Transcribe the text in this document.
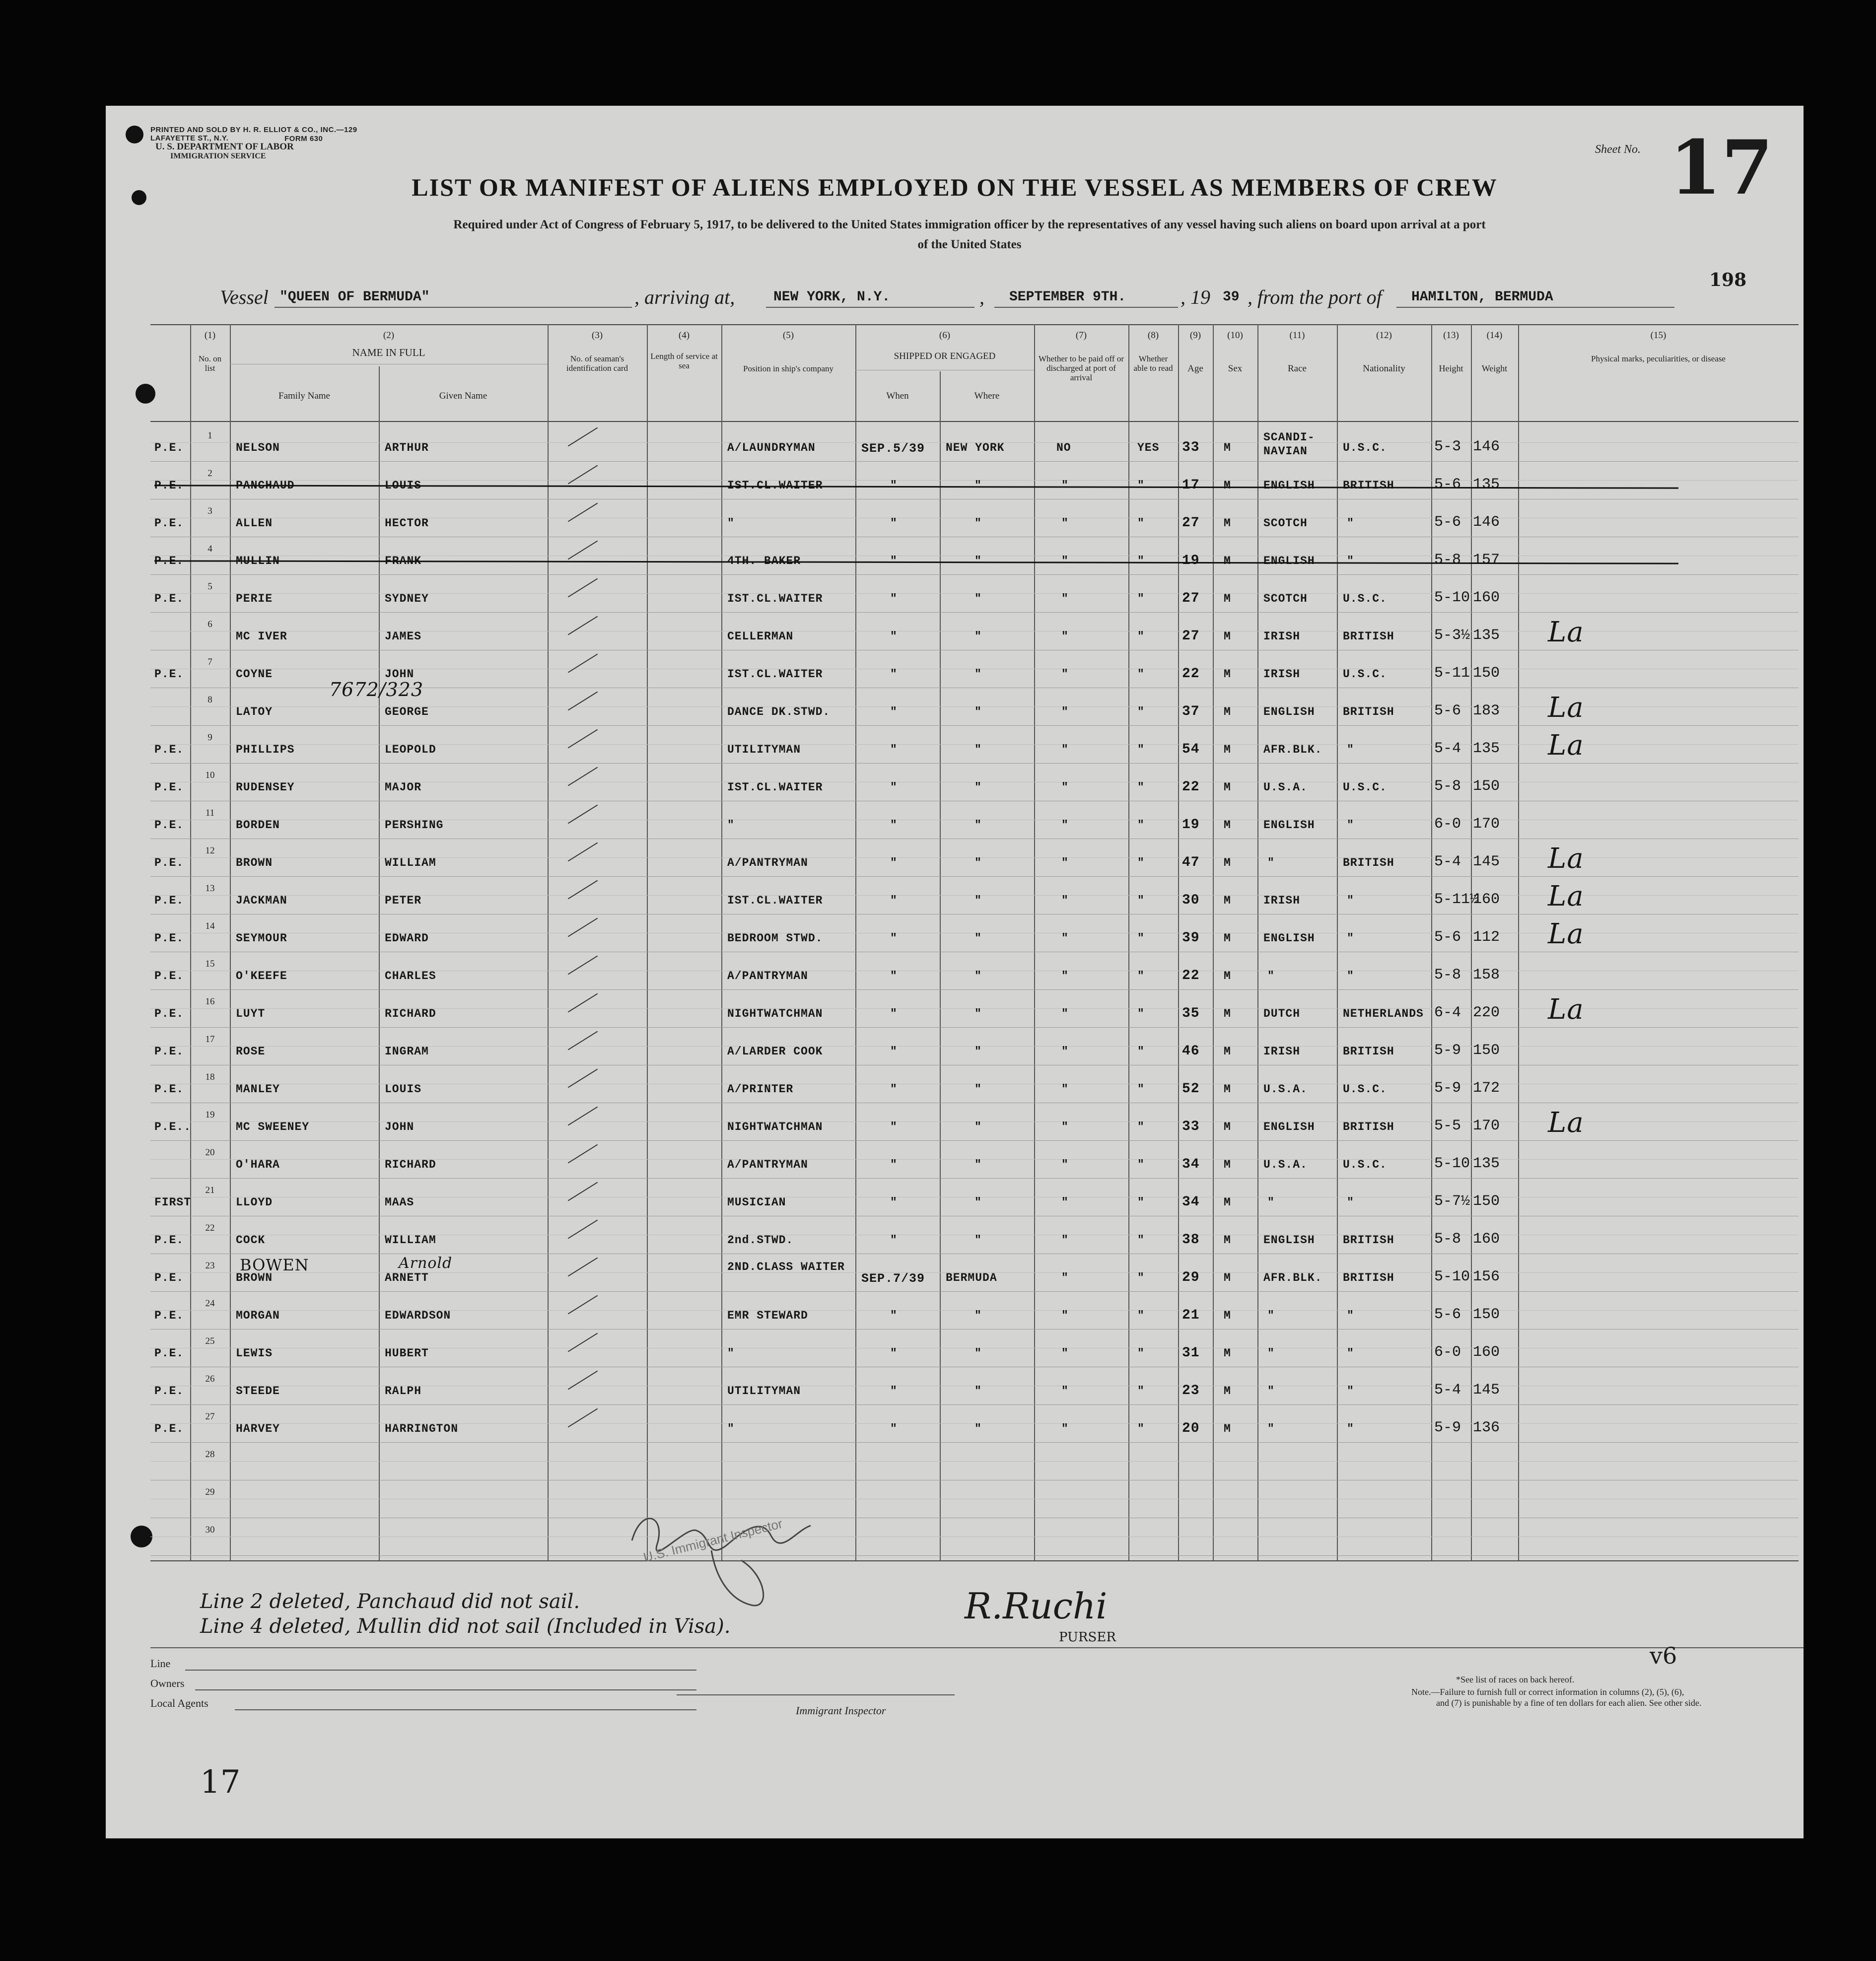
PRINTED AND SOLD BY H. R. ELLIOT & CO., INC.—129 LAFAYETTE ST., N.Y.	FORM 630
U. S. DEPARTMENT OF LABOR
IMMIGRATION SERVICE
Sheet No. 17
198
LIST OR MANIFEST OF ALIENS EMPLOYED ON THE VESSEL AS MEMBERS OF CREW
Required under Act of Congress of February 5, 1917, to be delivered to the United States immigration officer by the representatives of any vessel having such aliens on board upon arrival at a port
of the United States
Vessel "QUEEN OF BERMUDA"	, arriving at,	NEW YORK, N.Y.	, SEPTEMBER 9TH.	, 19 39 , from the port of HAMILTON, BERMUDA
(1)	(2)	(3)	(4)	(5)	(6)	(7)	(8)	(9)	(10)	(11)	(12)	(13)	(14)	(15)
No. on list
NAME IN FULL
Family Name	Given Name
No. of seaman's identification card
Length of service at sea	Position in ship's company
SHIPPED OR ENGAGED
When	Where
Whether to be paid off or discharged at port of arrival
Whether able to read	Age	Sex	Race	Nationality	Height	Weight
Physical marks, peculiarities, or disease
1
P.E.	NELSON	ARTHUR	A/LAUNDRYMAN	SEP.5/39 NEW YORK	NO	YES 33 M
SCANDI-NAVIAN	U.S.C.	5-3 146
2
P.E.	PANCHAUD	LOUIS	IST.CL.WAITER	"	"	"	"	17 M	ENGLISH BRITISH	5-6 135
3
P.E.	ALLEN	HECTOR	"	"	"	"	"	27 M	SCOTCH	"	5-6 146
4
P.E.	MULLIN	FRANK	4TH. BAKER	"	"	"	"	19 M	ENGLISH	"	5-8 157
5
P.E.	PERIE	SYDNEY	IST.CL.WAITER	"	"	"	"	27 M	SCOTCH	U.S.C.	5-10 160
6
MC IVER	JAMES	CELLERMAN	"	"	"	"	27 M	IRISH	BRITISH	5-3½ 135 La
7
P.E.	COYNE	JOHN	IST.CL.WAITER	"	"	"	"	22 M	IRISH	U.S.C.	5-11 150
8
LATOY	GEORGE	DANCE DK.STWD.	"	"	"	"	37 M	ENGLISH BRITISH	5-6 183 La
9
P.E.	PHILLIPS	LEOPOLD	UTILITYMAN	"	"	"	"	54 M	AFR.BLK. "	5-4 135 La
10
P.E.	RUDENSEY	MAJOR	IST.CL.WAITER	"	"	"	"	22 M	U.S.A.	U.S.C.	5-8 150
11
P.E.	BORDEN	PERSHING	"	"	"	"	"	19 M	ENGLISH	"	6-0 170
12
P.E.	BROWN	WILLIAM	A/PANTRYMAN	"	"	"	"	47 M	"	BRITISH	5-4 145 La
13
P.E.	JACKMAN	PETER	IST.CL.WAITER	"	"	"	"	30 M	IRISH	"	5-11½
160 La
14
P.E.	SEYMOUR	EDWARD	BEDROOM STWD.	"	"	"	"	39 M	ENGLISH	"	5-6 112 La
15
P.E.	O'KEEFE	CHARLES	A/PANTRYMAN	"	"	"	"	22 M	"	"	5-8 158
16
P.E.	LUYT	RICHARD	NIGHTWATCHMAN	"	"	"	"	35 M	DUTCH	NETHERLANDS 6-4 220 La
17
P.E.	ROSE	INGRAM	A/LARDER COOK	"	"	"	"	46 M	IRISH	BRITISH	5-9 150
18
P.E.	MANLEY	LOUIS	A/PRINTER	"	"	"	"	52 M	U.S.A.	U.S.C.	5-9 172
19
P.E..	MC SWEENEY	JOHN	NIGHTWATCHMAN	"	"	"	"	33 M	ENGLISH BRITISH	5-5 170 La
20
O'HARA	RICHARD	A/PANTRYMAN	"	"	"	"	34 M	U.S.A.	U.S.C.	5-10 135
21
FIRST	LLOYD	MAAS	MUSICIAN	"	"	"	"	34 M	"	"	5-7½ 150
22
P.E.	COCK	WILLIAM	2nd.STWD.	"	"	"	"	38 M	ENGLISH BRITISH	5-8 160
23
P.E.	BROWN	ARNETT
2ND.CLASS WAITER
SEP.7/39 BERMUDA	"	"	29 M	AFR.BLK. BRITISH	5-10 156
24
P.E.	MORGAN	EDWARDSON	EMR STEWARD	"	"	"	"	21 M	"	"	5-6 150
25
P.E.	LEWIS	HUBERT	"	"	"	"	"	31 M	"	"	6-0 160
26
P.E.	STEEDE	RALPH	UTILITYMAN	"	"	"	"	23 M	"	"	5-4 145
27
P.E.	HARVEY	HARRINGTON	"	"	"	"	"	20 M	"	"	5-9 136
28
29
30
7672/323
BOWEN	Arnold
Line 2 deleted, Panchaud did not sail.
Line 4 deleted, Mullin did not sail (Included in Visa).	R.Ruchi
PURSER
U.S. Immigrant Inspector
Line
Owners
Local Agents
Immigrant Inspector
*See list of races on back hereof.
Note.—Failure to furnish full or correct information in columns (2), (5), (6),
and (7) is punishable by a fine of ten dollars for each alien. See other side.
v6
17
